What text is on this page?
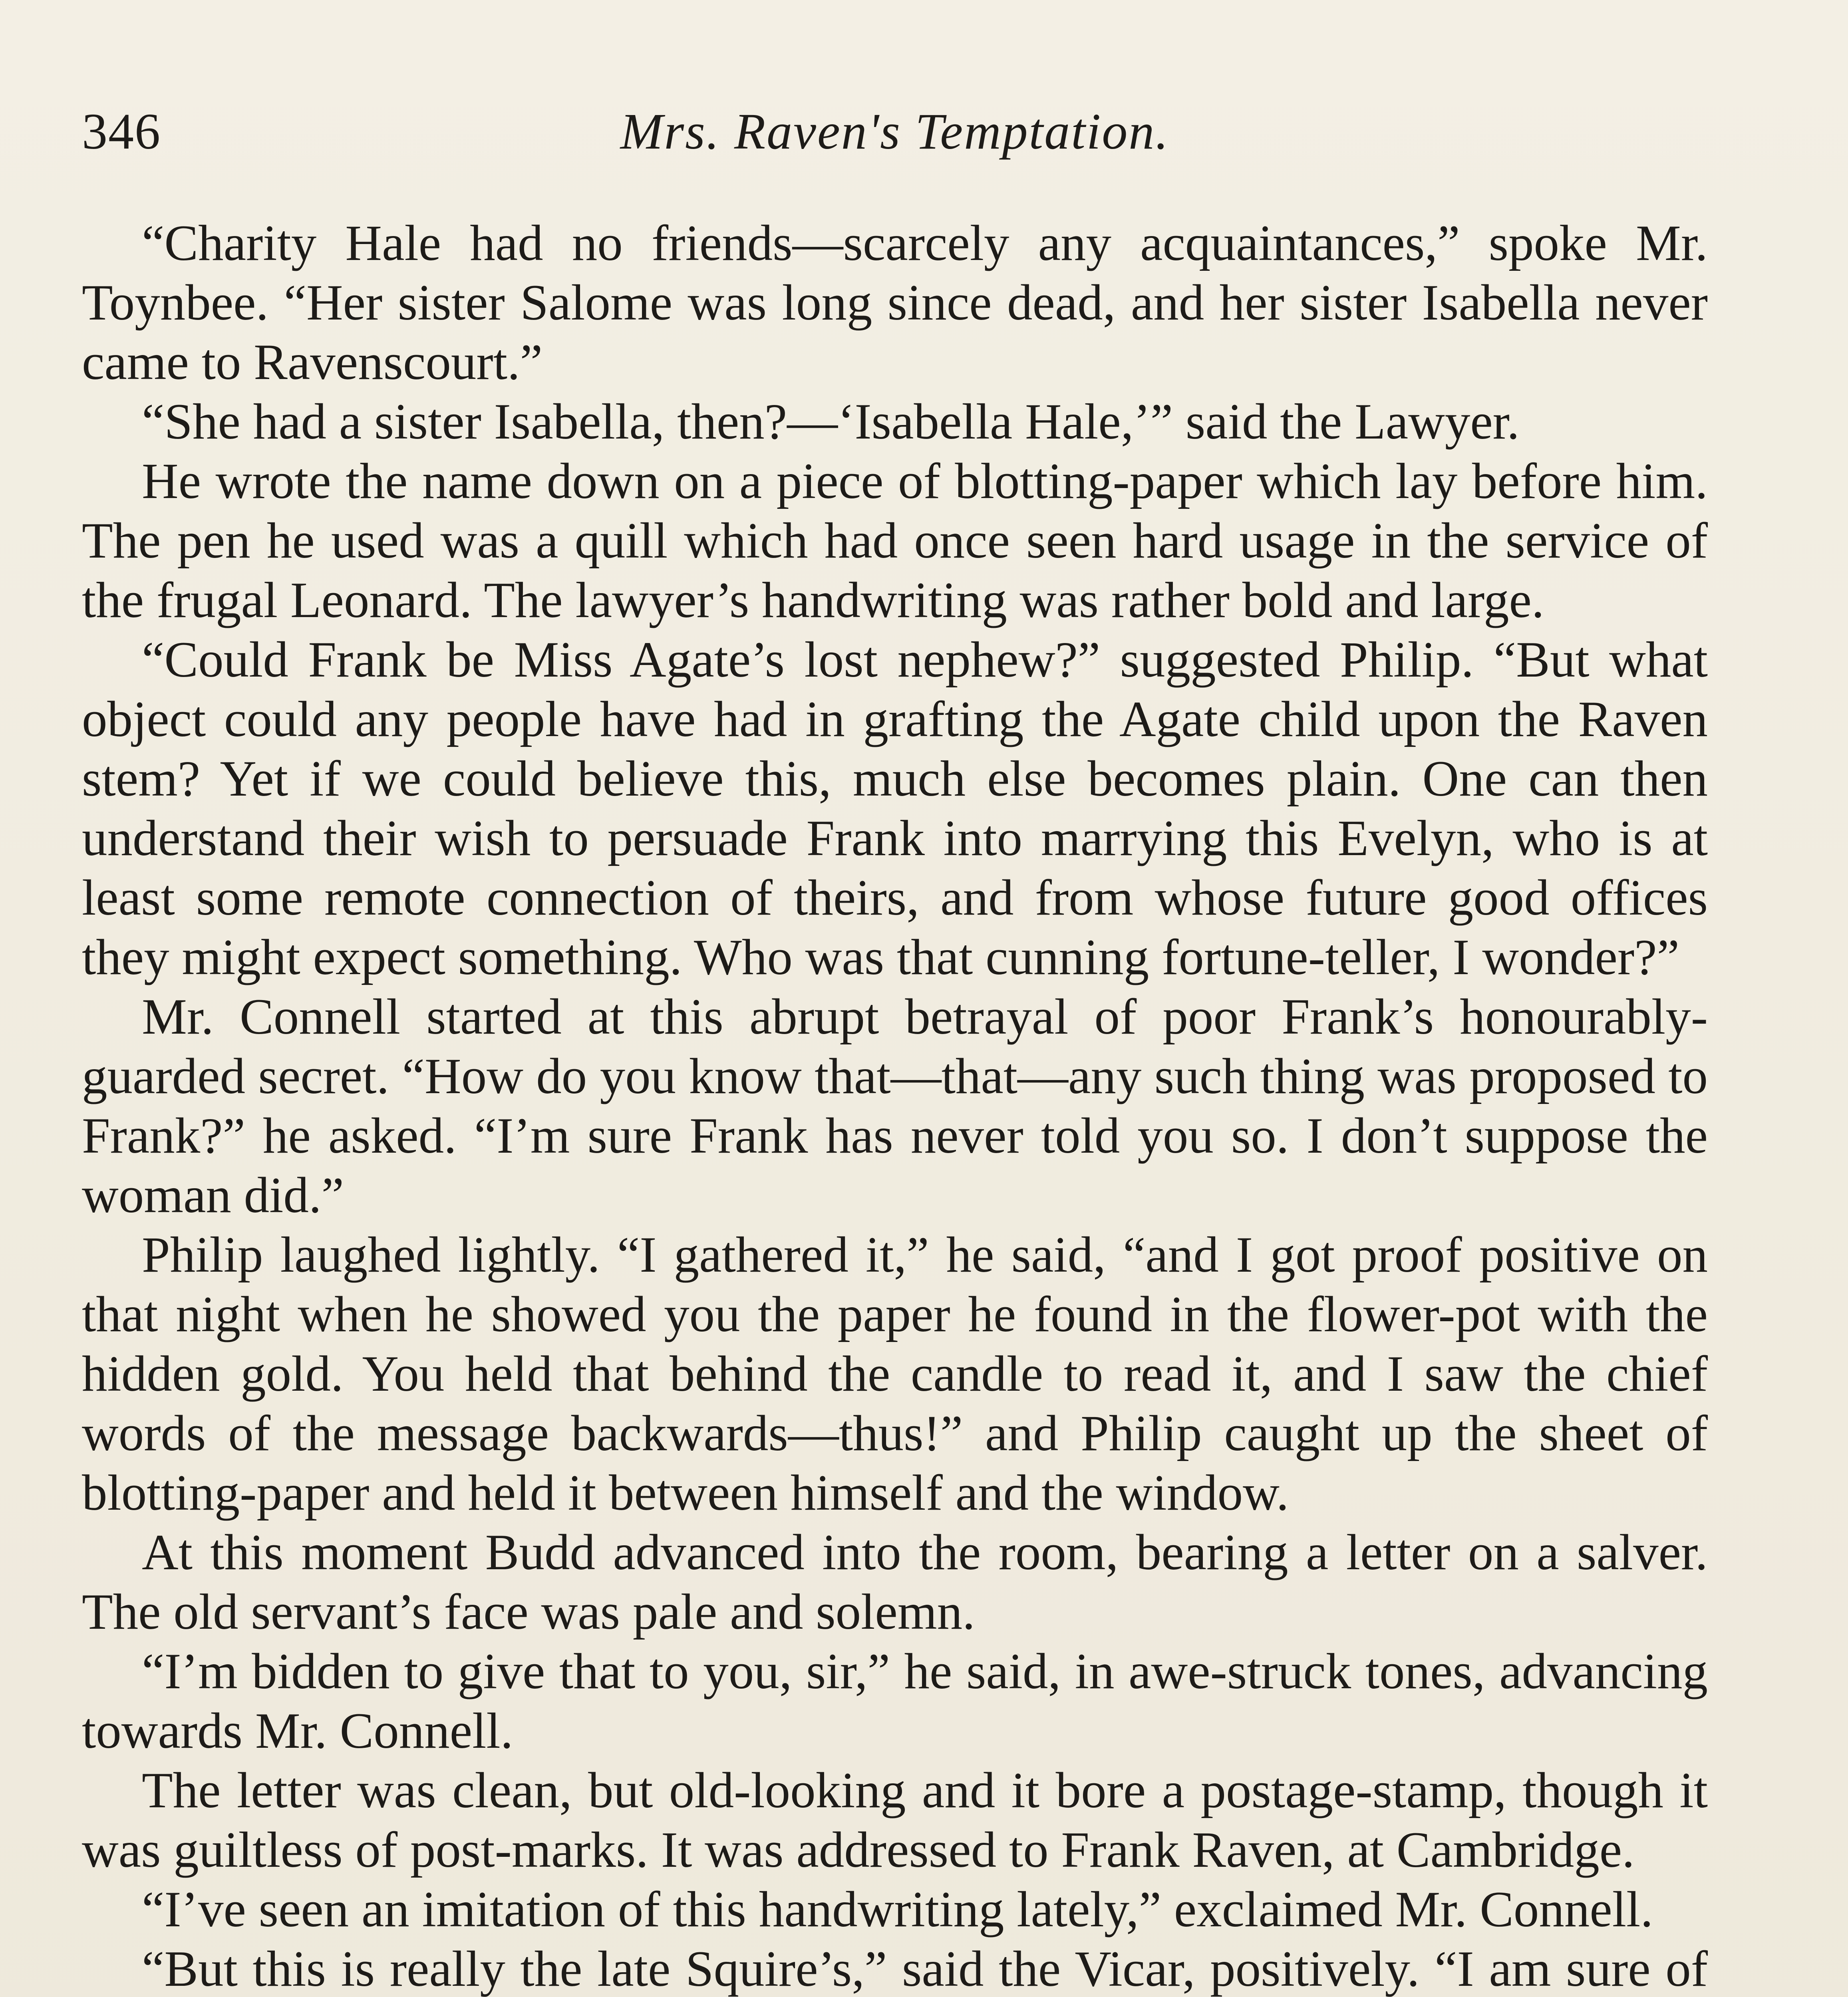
346	Mrs. Raven's Temptation.

“Charity Hale had no friends—scarcely any acquaintances,” spoke Mr. Toynbee. “Her sister Salome was long since dead, and her sister Isabella never came to Ravenscourt.”

“She had a sister Isabella, then?—‘Isabella Hale,’” said the Lawyer.

He wrote the name down on a piece of blotting-paper which lay before him. The pen he used was a quill which had once seen hard usage in the service of the frugal Leonard. The lawyer’s handwriting was rather bold and large.

“Could Frank be Miss Agate’s lost nephew?” suggested Philip. “But what object could any people have had in grafting the Agate child upon the Raven stem? Yet if we could believe this, much else becomes plain. One can then understand their wish to persuade Frank into marrying this Evelyn, who is at least some remote connection of theirs, and from whose future good offices they might expect something. Who was that cunning fortune-teller, I wonder?”

Mr. Connell started at this abrupt betrayal of poor Frank’s honourably-guarded secret. “How do you know that—that—any such thing was proposed to Frank?” he asked. “I’m sure Frank has never told you so. I don’t suppose the woman did.”

Philip laughed lightly. “I gathered it,” he said, “and I got proof positive on that night when he showed you the paper he found in the flower-pot with the hidden gold. You held that behind the candle to read it, and I saw the chief words of the message backwards—thus!” and Philip caught up the sheet of blotting-paper and held it between himself and the window.

At this moment Budd advanced into the room, bearing a letter on a salver. The old servant’s face was pale and solemn.

“I’m bidden to give that to you, sir,” he said, in awe-struck tones, advancing towards Mr. Connell.

The letter was clean, but old-looking and it bore a postage-stamp, though it was guiltless of post-marks. It was addressed to Frank Raven, at Cambridge.

“I’ve seen an imitation of this handwriting lately,” exclaimed Mr. Connell.

“But this is really the late Squire’s,” said the Vicar, positively. “I am sure of
